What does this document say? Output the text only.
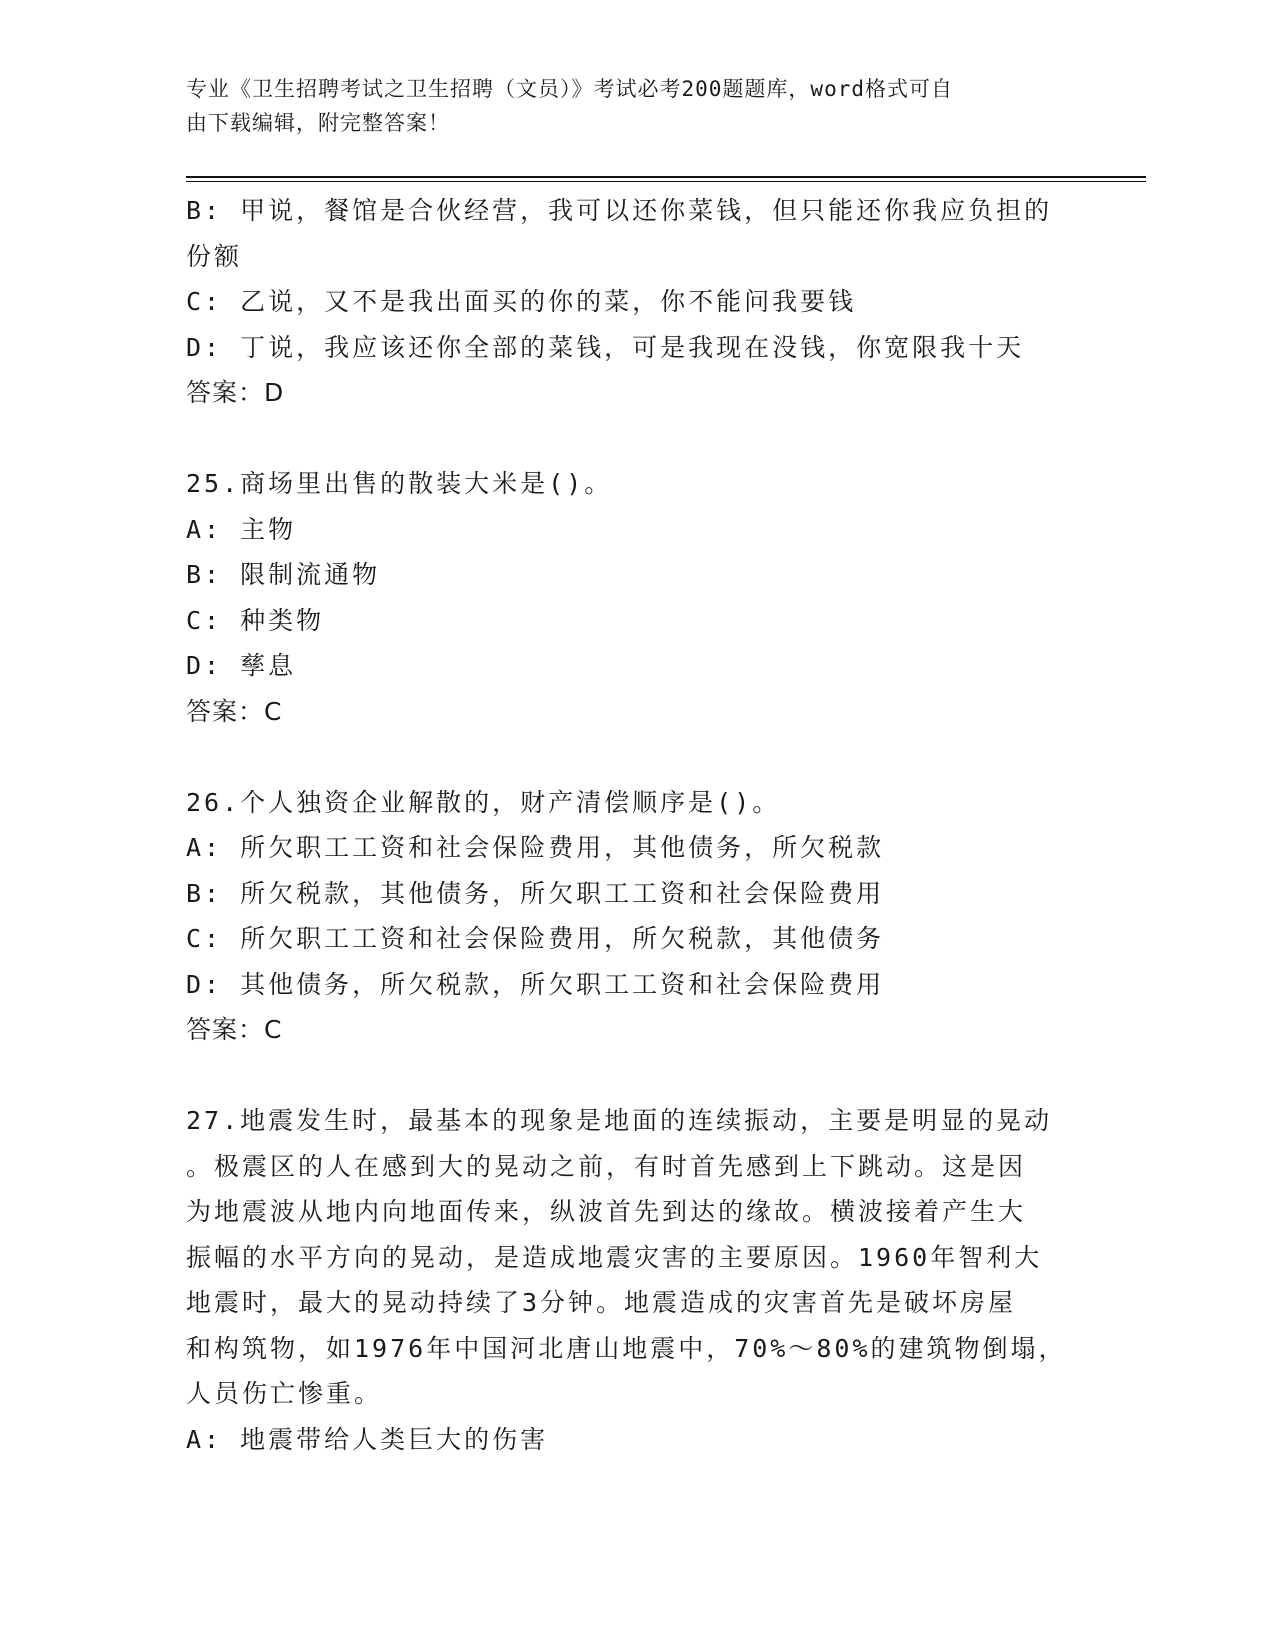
专业《卫生招聘考试之卫生招聘（文员）》考试必考200题题库，word格式可自
由下载编辑，附完整答案！
B: 甲说，餐馆是合伙经营，我可以还你菜钱，但只能还你我应负担的
份额
C: 乙说，又不是我出面买的你的菜，你不能问我要钱
D: 丁说，我应该还你全部的菜钱，可是我现在没钱，你宽限我十天
答案：D
25.商场里出售的散装大米是()。
A: 主物
B: 限制流通物
C: 种类物
D: 孳息
答案：C
26.个人独资企业解散的，财产清偿顺序是()。
A: 所欠职工工资和社会保险费用，其他债务，所欠税款
B: 所欠税款，其他债务，所欠职工工资和社会保险费用
C: 所欠职工工资和社会保险费用，所欠税款，其他债务
D: 其他债务，所欠税款，所欠职工工资和社会保险费用
答案：C
27.地震发生时，最基本的现象是地面的连续振动，主要是明显的晃动
。极震区的人在感到大的晃动之前，有时首先感到上下跳动。这是因
为地震波从地内向地面传来，纵波首先到达的缘故。横波接着产生大
振幅的水平方向的晃动，是造成地震灾害的主要原因。1960年智利大
地震时，最大的晃动持续了3分钟。地震造成的灾害首先是破坏房屋
和构筑物，如1976年中国河北唐山地震中，70%～80%的建筑物倒塌，
人员伤亡惨重。
A: 地震带给人类巨大的伤害
